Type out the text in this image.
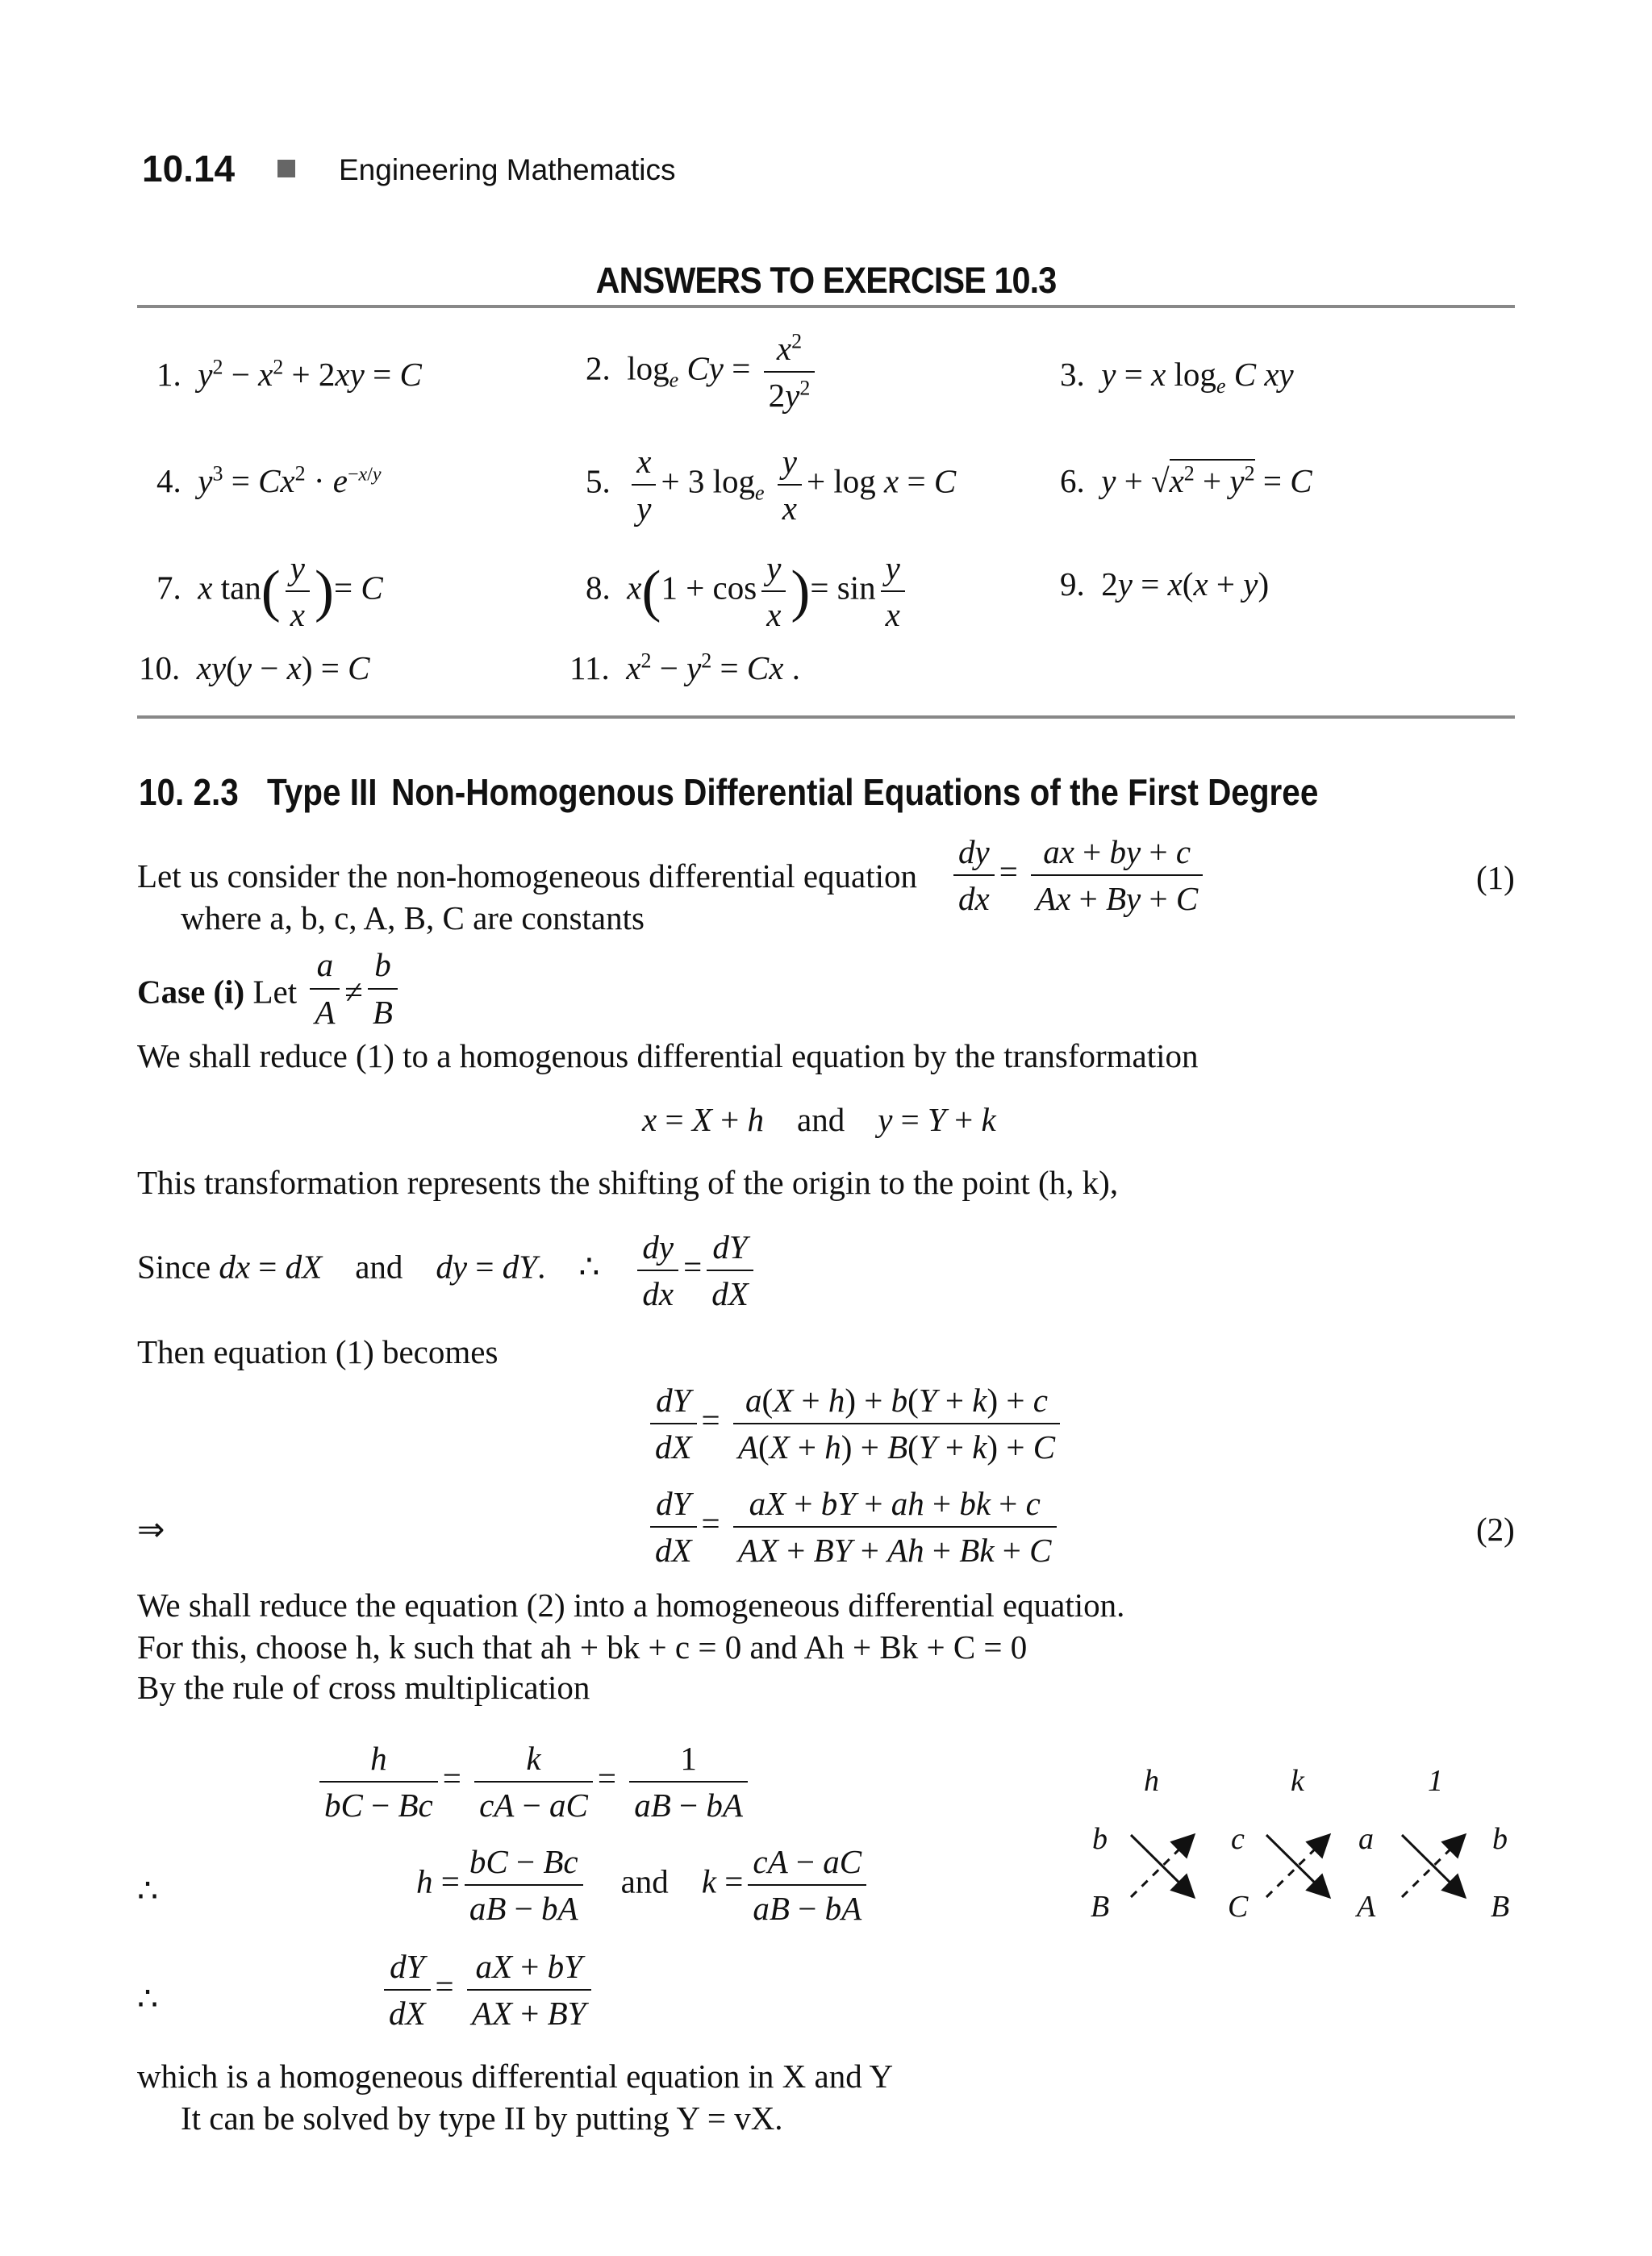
10.14	Engineering Mathematics
ANSWERS TO EXERCISE 10.3
1. $y^2 - x^2 + 2xy = C$	2.  $\log_e Cy = \frac{x^2}{2y^2}$	3. y = x $\log_e C$ xy
4. $y^3 = Cx^2 \cdot e^{-x/y}$	5. $\frac{x}{y} + 3$ $\log_e \frac{y}{x} + \log x = C$	6. $y + √x^2 + y^2 = C$
7. x $\tan( \frac{y}{x}$ )= C	8. $x(1 + \cos \frac{y}{x}$ )= $\sin \frac{y}{x}$	9.  2y = x(x + y)
10. xy(y − x) = C	11. $x^2 - y^2 = Cx$ .
10. 2.3 Type III Non-Homogenous Differential Equations of the First Degree
Let us consider the non-homogeneous differential equation $\frac{dy}{dx} = \frac{ax + by + c}{Ax + By + C}$	(1)
where a, b, c, A, B, C are constants
Case (i) Let $\frac{a}{A} \ne \frac{b}{B}$
We shall reduce (1) to a homogenous differential equation by the transformation
x = X + h and y = Y + k
This transformation represents the shifting of the origin to the point (h, k),
Since dx = dX and dy = dY.    ∴ $\frac{dy}{dx} = \frac{dY}{dX}$
Then equation (1) becomes
$\frac{dY}{dX} = \frac{a(X + h) + b(Y + k) + c}{A(X + h) + B(Y + k) + C}$
⇒	$\frac{dY}{dX} = \frac{aX + bY + ah + bk + c}{AX + BY + Ah + Bk + C}$	(2)
We shall reduce the equation (2) into a homogeneous differential equation.
For this, choose h, k such that ah + bk + c = 0 and Ah + Bk + C = 0
By the rule of cross multiplication
$\frac{h}{bC - Bc} = \frac{k}{cA - aC} = \frac{1}{aB - bA}$
∴	$h = \frac{bC - Bc}{aB - bA}$ and $k = \frac{cA - aC}{aB - bA}$
∴	$\frac{dY}{dX} = \frac{aX + bY}{AX + BY}$
which is a homogeneous differential equation in X and Y
It can be solved by type II by putting Y = vX.
h	k	1
b	c	a	b
B	C	A	B
